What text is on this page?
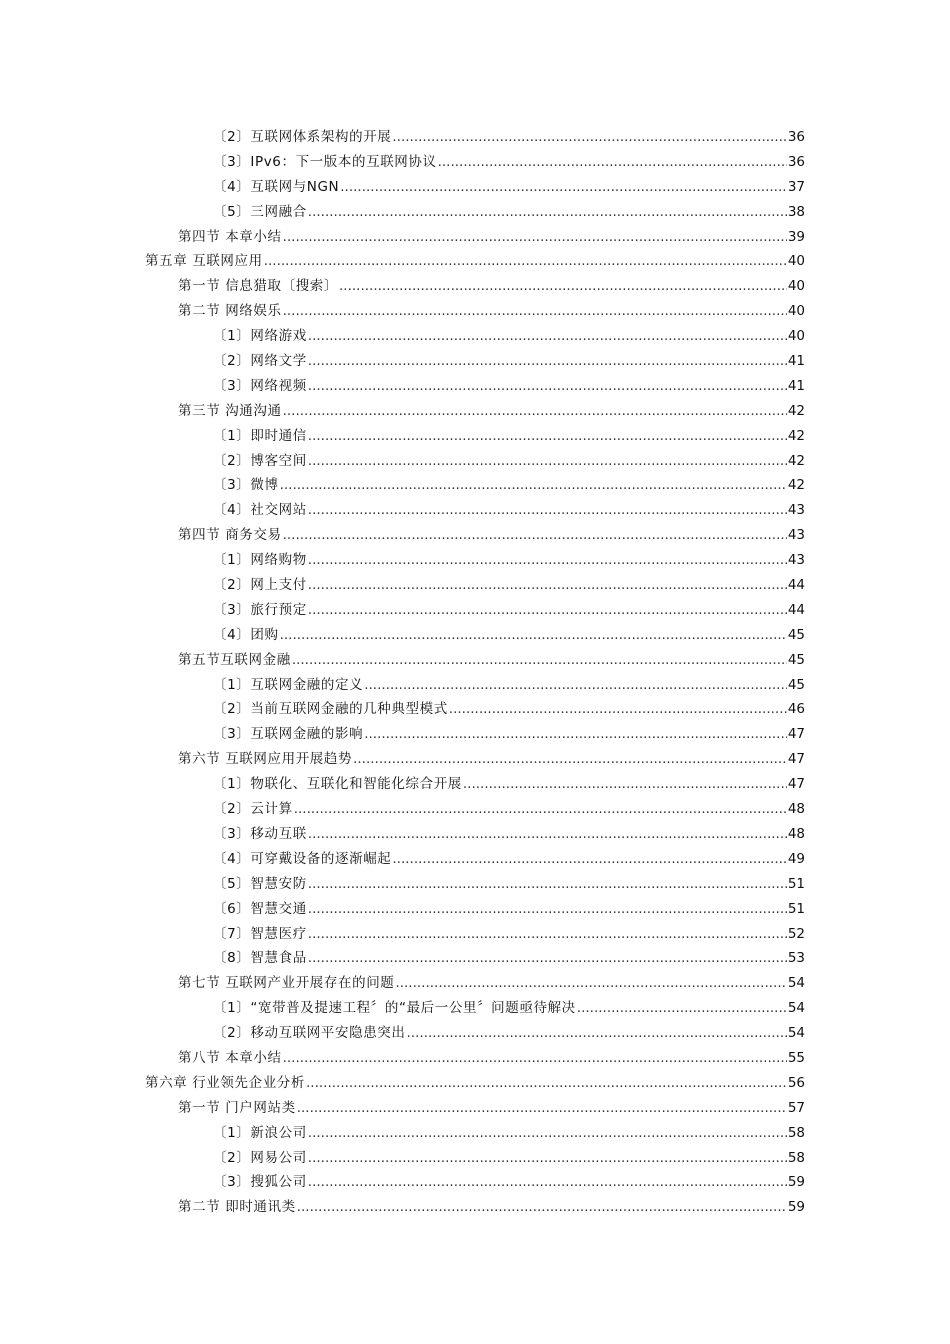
〔2〕互联网体系架构的开展 .....	36
〔3〕IPv6：下一版本的互联网协议 .....	36
〔4〕互联网与NGN .....	37
〔5〕三网融合 .....	38
第四节 本章小结 .....	39
第五章 互联网应用 .....	40
第一节 信息猎取〔搜索〕 .....	40
第二节 网络娱乐 .....	40
〔1〕网络游戏 .....	40
〔2〕网络文学 .....	41
〔3〕网络视频 .....	41
第三节 沟通沟通 .....	42
〔1〕即时通信 .....	42
〔2〕博客空间 .....	42
〔3〕微博 .....	42
〔4〕社交网站 .....	43
第四节 商务交易 .....	43
〔1〕网络购物 .....	43
〔2〕网上支付 .....	44
〔3〕旅行预定 .....	44
〔4〕团购 .....	45
第五节互联网金融 .....	45
〔1〕互联网金融的定义 .....	45
〔2〕当前互联网金融的几种典型模式 .....	46
〔3〕互联网金融的影响 .....	47
第六节 互联网应用开展趋势 .....	47
〔1〕物联化、互联化和智能化综合开展 .....	47
〔2〕云计算 .....	48
〔3〕移动互联 .....	48
〔4〕可穿戴设备的逐渐崛起 .....	49
〔5〕智慧安防 .....	51
〔6〕智慧交通 .....	51
〔7〕智慧医疗 .....	52
〔8〕智慧食品 .....	53
第七节 互联网产业开展存在的问题 .....	54
〔1〕“宽带普及提速工程〞的“最后一公里〞问题亟待解决 .....	54
〔2〕移动互联网平安隐患突出 .....	54
第八节 本章小结 .....	55
第六章 行业领先企业分析 .....	56
第一节 门户网站类 .....	57
〔1〕新浪公司 .....	58
〔2〕网易公司 .....	58
〔3〕搜狐公司 .....	59
第二节 即时通讯类 .....	59
